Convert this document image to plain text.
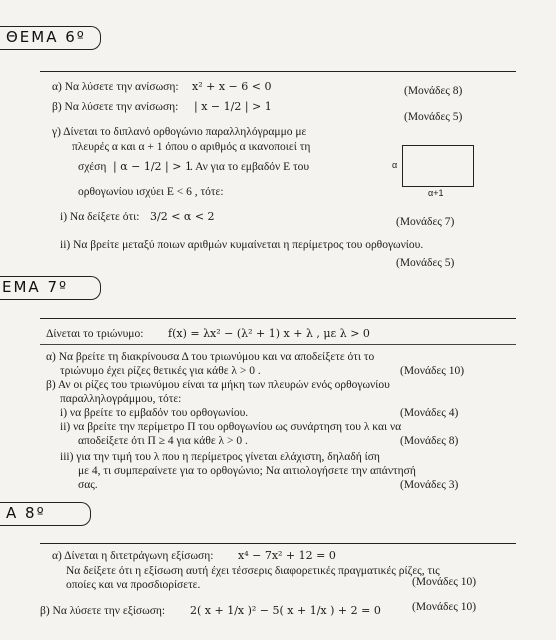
ΘΕΜΑ 6º
α) Να λύσετε την ανίσωση: x² + x − 6 < 0	(Μονάδες 8)
β) Να λύσετε την ανίσωση: | x − 1/2 | > 1
(Μονάδες 5)
γ) Δίνεται το διπλανό ορθογώνιο παραλληλόγραμμο με
πλευρές α και α + 1 όπου ο αριθμός α ικανοποιεί τη
σχέση | α − 1/2 | > 1
. Αν για το εμβαδόν Ε του
ορθογωνίου ισχύει Ε < 6 , τότε:
α
α+1
i) Να δείξετε ότι: 3/2 < α < 2	(Μονάδες 7)
ii) Να βρείτε μεταξύ ποιων αριθμών κυμαίνεται η περίμετρος του ορθογωνίου.
(Μονάδες 5)
ΕΜΑ 7º
Δίνεται το τριώνυμο: f(x) = λx² − (λ² + 1) x + λ , με λ > 0
α) Να βρείτε τη διακρίνουσα Δ του τριωνύμου και να αποδείξετε ότι το
τριώνυμο έχει ρίζες θετικές για κάθε λ > 0 .	(Μονάδες 10)
β) Αν οι ρίζες του τριωνύμου είναι τα μήκη των πλευρών ενός ορθογωνίου
παραλληλογράμμου, τότε:
i) να βρείτε το εμβαδόν του ορθογωνίου.	(Μονάδες 4)
ii) να βρείτε την περίμετρο Π του ορθογωνίου ως συνάρτηση του λ και να
αποδείξετε ότι Π ≥ 4 για κάθε λ > 0 .	(Μονάδες 8)
iii) για την τιμή του λ που η περίμετρος γίνεται ελάχιστη, δηλαδή ίση
με 4, τι συμπεραίνετε για το ορθογώνιο; Να αιτιολογήσετε την απάντησή
σας.	(Μονάδες 3)
Α 8º
α) Δίνεται η διτετράγωνη εξίσωση: x⁴ − 7x² + 12 = 0
Να δείξετε ότι η εξίσωση αυτή έχει τέσσερις διαφορετικές πραγματικές ρίζες, τις
οποίες και να προσδιορίσετε.	(Μονάδες 10)
β) Να λύσετε την εξίσωση: 2( x + 1/x )² − 5( x + 1/x ) + 2 = 0	(Μονάδες 10)
